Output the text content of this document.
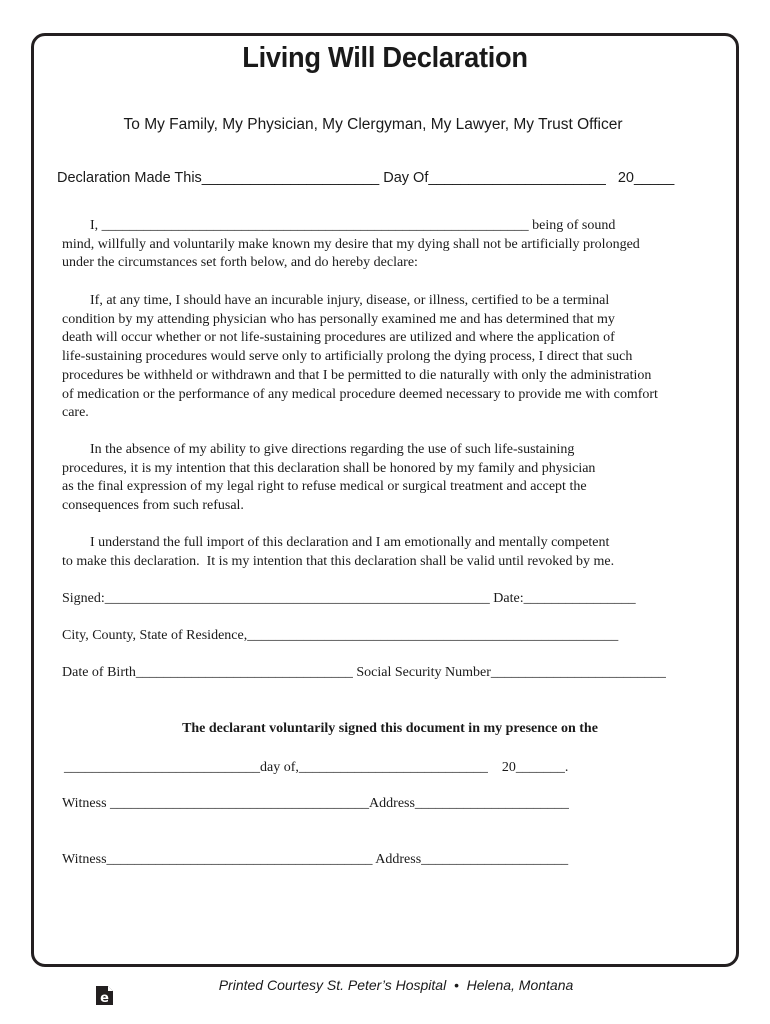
Living Will Declaration
To My Family, My Physician, My Clergyman, My Lawyer, My Trust Officer
Declaration Made This______________________ Day Of______________________   20_____
I, _____________________________________________________________ being of sound
mind, willfully and voluntarily make known my desire that my dying shall not be artificially prolonged
under the circumstances set forth below, and do hereby declare:
If, at any time, I should have an incurable injury, disease, or illness, certified to be a terminal
condition by my attending physician who has personally examined me and has determined that my
death will occur whether or not life-sustaining procedures are utilized and where the application of
life-sustaining procedures would serve only to artificially prolong the dying process, I direct that such
procedures be withheld or withdrawn and that I be permitted to die naturally with only the administration
of medication or the performance of any medical procedure deemed necessary to provide me with comfort
care.
In the absence of my ability to give directions regarding the use of such life-sustaining
procedures, it is my intention that this declaration shall be honored by my family and physician
as the final expression of my legal right to refuse medical or surgical treatment and accept the
consequences from such refusal.
I understand the full import of this declaration and I am emotionally and mentally competent
to make this declaration.  It is my intention that this declaration shall be valid until revoked by me.
Signed:_______________________________________________________ Date:________________
City, County, State of Residence,_____________________________________________________
Date of Birth_______________________________ Social Security Number_________________________
The declarant voluntarily signed this document in my presence on the
____________________________day of,___________________________    20_______.
Witness _____________________________________Address______________________
Witness______________________________________ Address_____________________
Printed Courtesy St. Peter’s Hospital  •  Helena, Montana
e
